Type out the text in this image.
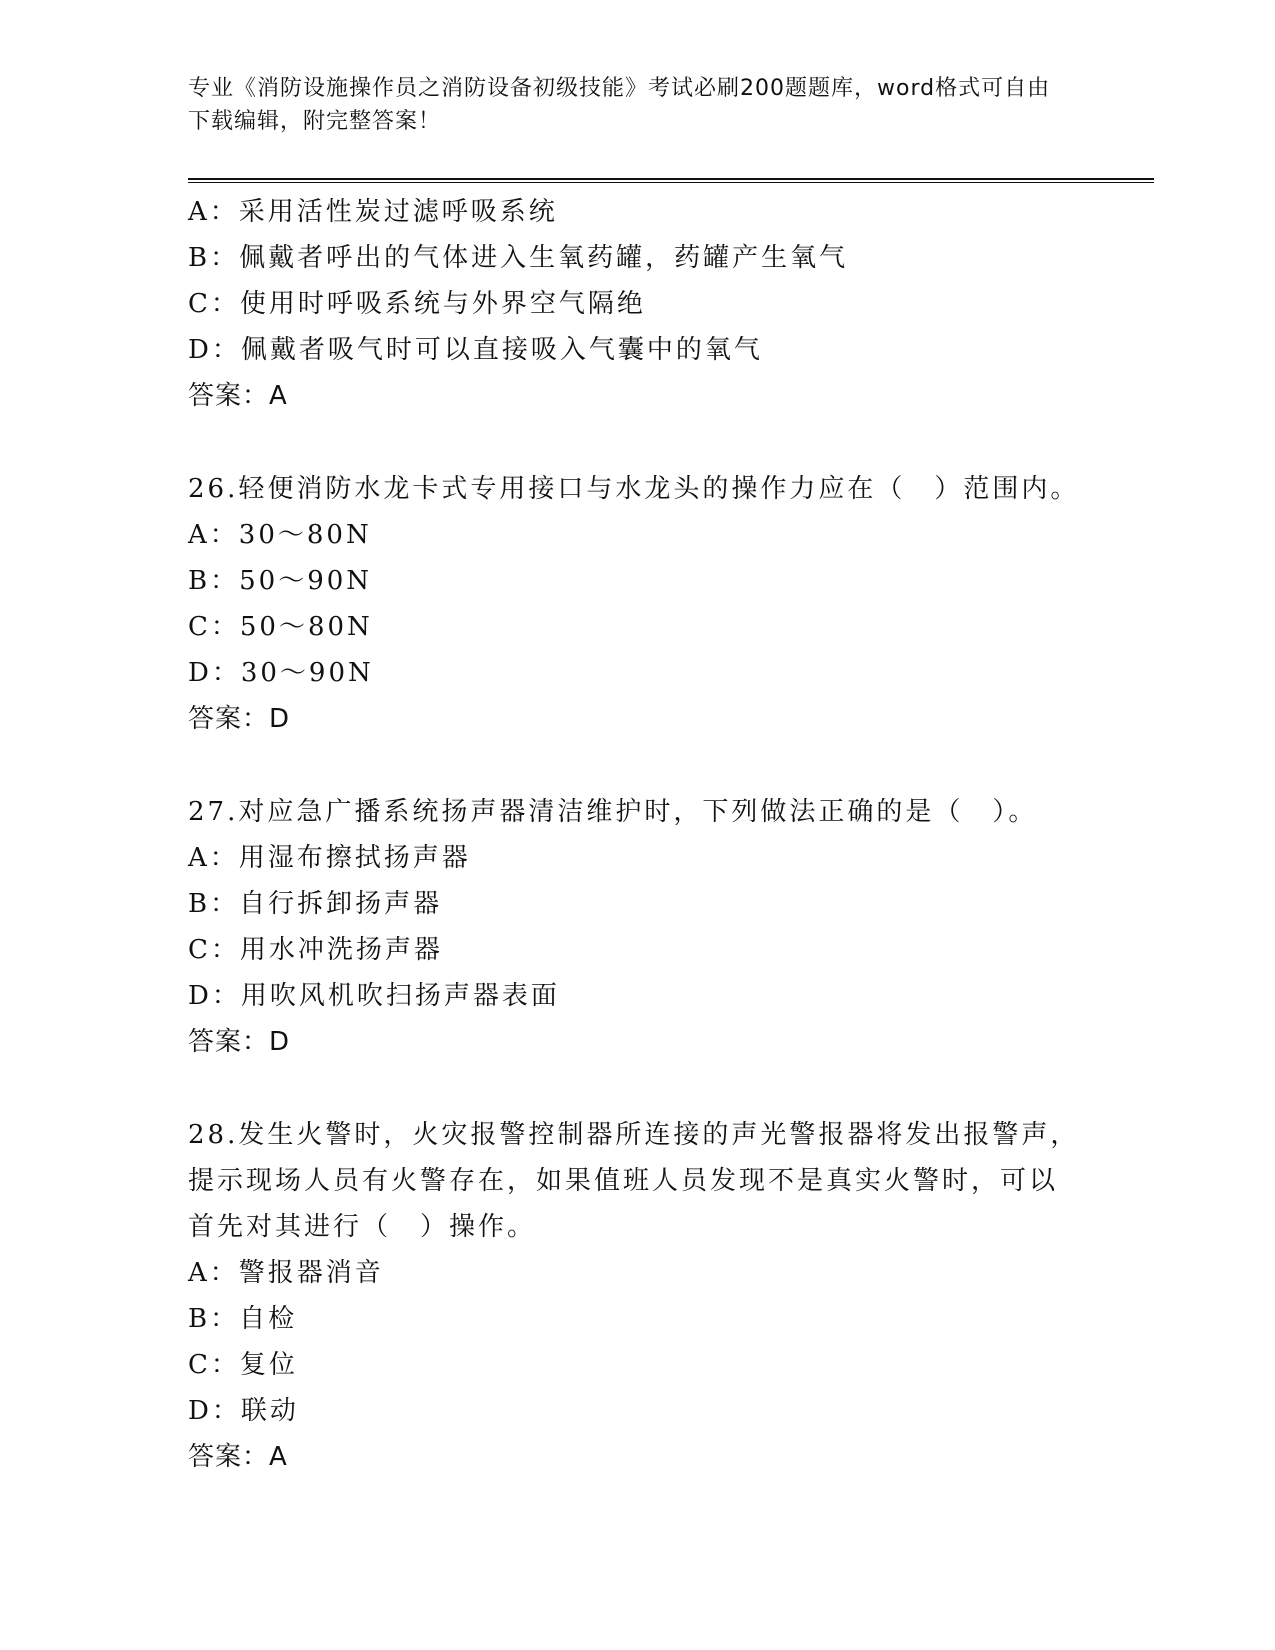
专业《消防设施操作员之消防设备初级技能》考试必刷200题题库，word格式可自由下载编辑，附完整答案！
A：采用活性炭过滤呼吸系统
B：佩戴者呼出的气体进入生氧药罐，药罐产生氧气
C：使用时呼吸系统与外界空气隔绝
D：佩戴者吸气时可以直接吸入气囊中的氧气
答案：A
26.轻便消防水龙卡式专用接口与水龙头的操作力应在（　）范围内。
A：30～80N
B：50～90N
C：50～80N
D：30～90N
答案：D
27.对应急广播系统扬声器清洁维护时，下列做法正确的是（　）。
A：用湿布擦拭扬声器
B：自行拆卸扬声器
C：用水冲洗扬声器
D：用吹风机吹扫扬声器表面
答案：D
28.发生火警时，火灾报警控制器所连接的声光警报器将发出报警声，
提示现场人员有火警存在，如果值班人员发现不是真实火警时，可以
首先对其进行（　）操作。
A：警报器消音
B：自检
C：复位
D：联动
答案：A
